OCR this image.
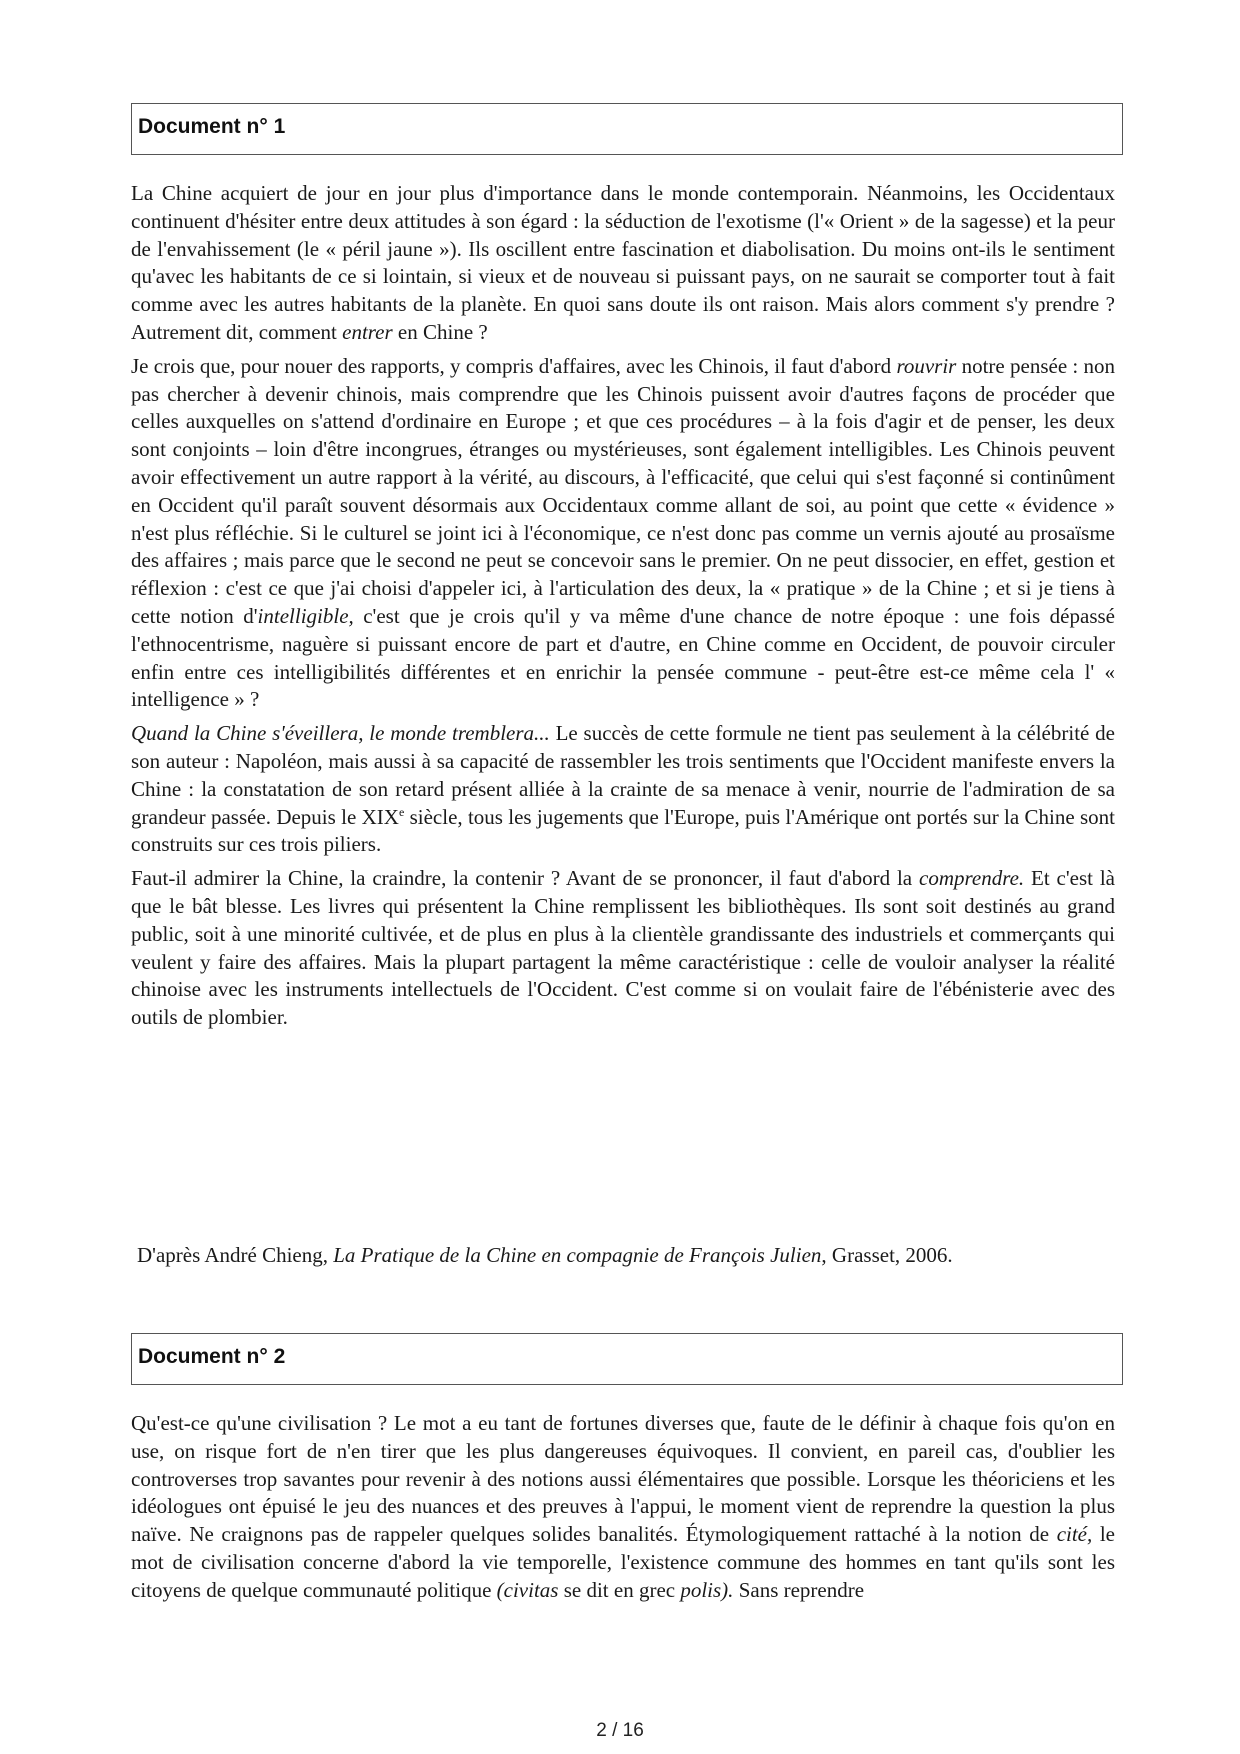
Document n° 1

La Chine acquiert de jour en jour plus d'importance dans le monde contemporain. Néanmoins, les Occidentaux continuent d'hésiter entre deux attitudes à son égard : la séduction de l'exotisme (l'« Orient » de la sagesse) et la peur de l'envahissement (le « péril jaune »). Ils oscillent entre fascination et diabolisation. Du moins ont-ils le sentiment qu'avec les habitants de ce si lointain, si vieux et de nouveau si puissant pays, on ne saurait se comporter tout à fait comme avec les autres habitants de la planète. En quoi sans doute ils ont raison. Mais alors comment s'y prendre ? Autrement dit, comment entrer en Chine ?

Je crois que, pour nouer des rapports, y compris d'affaires, avec les Chinois, il faut d'abord rouvrir notre pensée : non pas chercher à devenir chinois, mais comprendre que les Chinois puissent avoir d'autres façons de procéder que celles auxquelles on s'attend d'ordinaire en Europe ; et que ces procédures – à la fois d'agir et de penser, les deux sont conjoints – loin d'être incongrues, étranges ou mystérieuses, sont également intelligibles. Les Chinois peuvent avoir effectivement un autre rapport à la vérité, au discours, à l'efficacité, que celui qui s'est façonné si continûment en Occident qu'il paraît souvent désormais aux Occidentaux comme allant de soi, au point que cette « évidence » n'est plus réfléchie. Si le culturel se joint ici à l'économique, ce n'est donc pas comme un vernis ajouté au prosaïsme des affaires ; mais parce que le second ne peut se concevoir sans le premier. On ne peut dissocier, en effet, gestion et réflexion : c'est ce que j'ai choisi d'appeler ici, à l'articulation des deux, la « pratique » de la Chine ; et si je tiens à cette notion d'intelligible, c'est que je crois qu'il y va même d'une chance de notre époque : une fois dépassé l'ethnocentrisme, naguère si puissant encore de part et d'autre, en Chine comme en Occident, de pouvoir circuler enfin entre ces intelligibilités différentes et en enrichir la pensée commune - peut-être est-ce même cela l' « intelligence » ?

Quand la Chine s'éveillera, le monde tremblera... Le succès de cette formule ne tient pas seulement à la célébrité de son auteur : Napoléon, mais aussi à sa capacité de rassembler les trois sentiments que l'Occident manifeste envers la Chine : la constatation de son retard présent alliée à la crainte de sa menace à venir, nourrie de l'admiration de sa grandeur passée. Depuis le XIXe siècle, tous les jugements que l'Europe, puis l'Amérique ont portés sur la Chine sont construits sur ces trois piliers.

Faut-il admirer la Chine, la craindre, la contenir ? Avant de se prononcer, il faut d'abord la comprendre. Et c'est là que le bât blesse. Les livres qui présentent la Chine remplissent les bibliothèques. Ils sont soit destinés au grand public, soit à une minorité cultivée, et de plus en plus à la clientèle grandissante des industriels et commerçants qui veulent y faire des affaires. Mais la plupart partagent la même caractéristique : celle de vouloir analyser la réalité chinoise avec les instruments intellectuels de l'Occident. C'est comme si on voulait faire de l'ébénisterie avec des outils de plombier.

D'après André Chieng, La Pratique de la Chine en compagnie de François Julien, Grasset, 2006.
Document n° 2

Qu'est-ce qu'une civilisation ? Le mot a eu tant de fortunes diverses que, faute de le définir à chaque fois qu'on en use, on risque fort de n'en tirer que les plus dangereuses équivoques. Il convient, en pareil cas, d'oublier les controverses trop savantes pour revenir à des notions aussi élémentaires que possible. Lorsque les théoriciens et les idéologues ont épuisé le jeu des nuances et des preuves à l'appui, le moment vient de reprendre la question la plus naïve. Ne craignons pas de rappeler quelques solides banalités. Étymologiquement rattaché à la notion de cité, le mot de civilisation concerne d'abord la vie temporelle, l'existence commune des hommes en tant qu'ils sont les citoyens de quelque communauté politique (civitas se dit en grec polis). Sans reprendre

2 / 16
